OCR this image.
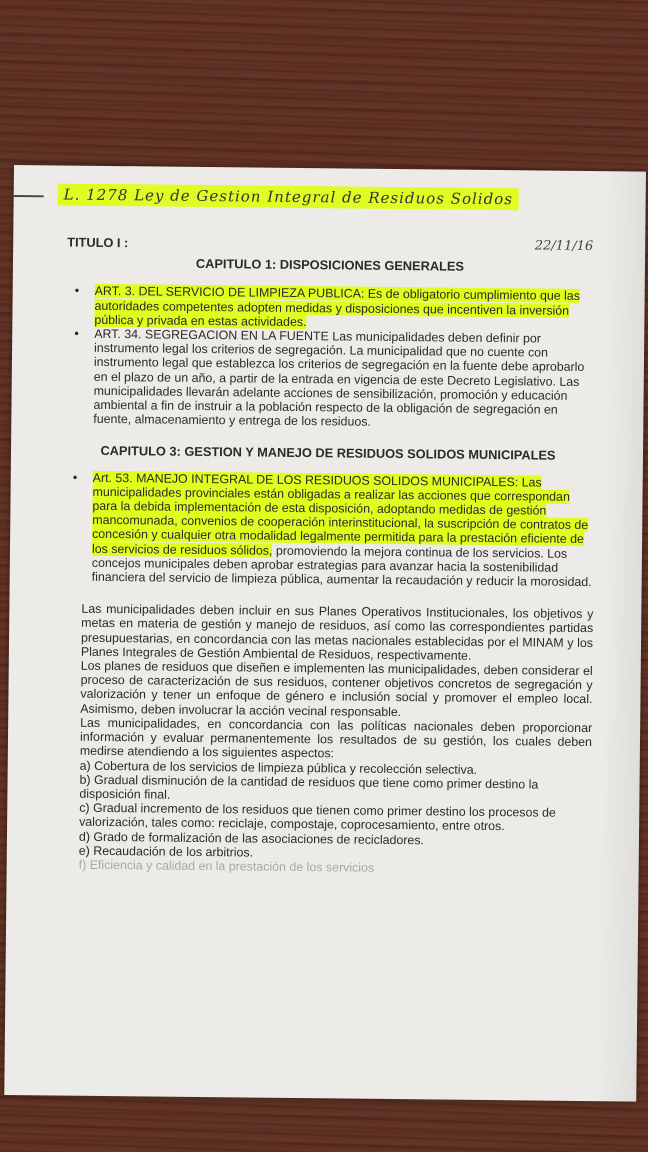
L. 1278 Ley de Gestion Integral de Residuos Solidos
22/11/16
TITULO I :
CAPITULO 1: DISPOSICIONES GENERALES
• ART. 3. DEL SERVICIO DE LIMPIEZA PUBLICA: Es de obligatorio cumplimiento que las autoridades competentes adopten medidas y disposiciones que incentiven la inversión pública y privada en estas actividades.
• ART. 34. SEGREGACION EN LA FUENTE Las municipalidades deben definir por instrumento legal los criterios de segregación. La municipalidad que no cuente con instrumento legal que establezca los criterios de segregación en la fuente debe aprobarlo en el plazo de un año, a partir de la entrada en vigencia de este Decreto Legislativo. Las municipalidades llevarán adelante acciones de sensibilización, promoción y educación ambiental a fin de instruir a la población respecto de la obligación de segregación en fuente, almacenamiento y entrega de los residuos.
CAPITULO 3: GESTION Y MANEJO DE RESIDUOS SOLIDOS MUNICIPALES
• Art. 53. MANEJO INTEGRAL DE LOS RESIDUOS SOLIDOS MUNICIPALES: Las municipalidades provinciales están obligadas a realizar las acciones que correspondan para la debida implementación de esta disposición, adoptando medidas de gestión mancomunada, convenios de cooperación interinstitucional, la suscripción de contratos de concesión y cualquier otra modalidad legalmente permitida para la prestación eficiente de los servicios de residuos sólidos, promoviendo la mejora continua de los servicios. Los concejos municipales deben aprobar estrategias para avanzar hacia la sostenibilidad financiera del servicio de limpieza pública, aumentar la recaudación y reducir la morosidad.
Las municipalidades deben incluir en sus Planes Operativos Institucionales, los objetivos y metas en materia de gestión y manejo de residuos, así como las correspondientes partidas presupuestarias, en concordancia con las metas nacionales establecidas por el MINAM y los Planes Integrales de Gestión Ambiental de Residuos, respectivamente.
Los planes de residuos que diseñen e implementen las municipalidades, deben considerar el proceso de caracterización de sus residuos, contener objetivos concretos de segregación y valorización y tener un enfoque de género e inclusión social y promover el empleo local. Asimismo, deben involucrar la acción vecinal responsable.
Las municipalidades, en concordancia con las políticas nacionales deben proporcionar información y evaluar permanentemente los resultados de su gestión, los cuales deben medirse atendiendo a los siguientes aspectos:
a) Cobertura de los servicios de limpieza pública y recolección selectiva.
b) Gradual disminución de la cantidad de residuos que tiene como primer destino la disposición final.
c) Gradual incremento de los residuos que tienen como primer destino los procesos de valorización, tales como: reciclaje, compostaje, coprocesamiento, entre otros.
d) Grado de formalización de las asociaciones de recicladores.
e) Recaudación de los arbitrios.
f) Eficiencia y calidad en la prestación de los servicios
